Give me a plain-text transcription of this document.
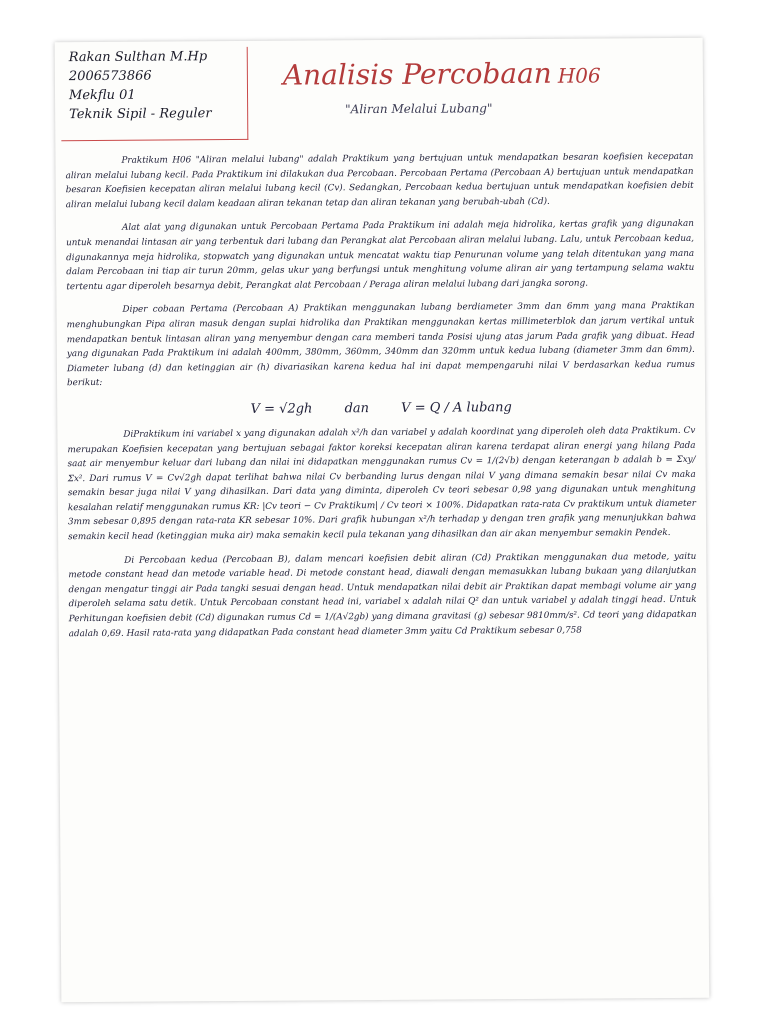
Rakan Sulthan M.Hp
2006573866
Mekflu 01
Teknik Sipil - Reguler
Analisis Percobaan H06
"Aliran Melalui Lubang"

Praktikum H06 "Aliran melalui lubang" adalah Praktikum yang bertujuan untuk mendapatkan besaran koefisien kecepatan aliran melalui lubang kecil. Pada Praktikum ini dilakukan dua Percobaan. Percobaan Pertama (Percobaan A) bertujuan untuk mendapatkan besaran Koefisien kecepatan aliran melalui lubang kecil (Cv). Sedangkan, Percobaan kedua bertujuan untuk mendapatkan koefisien debit aliran melalui lubang kecil dalam keadaan aliran tekanan tetap dan aliran tekanan yang berubah-ubah (Cd).

Alat alat yang digunakan untuk Percobaan Pertama Pada Praktikum ini adalah meja hidrolika, kertas grafik yang digunakan untuk menandai lintasan air yang terbentuk dari lubang dan Perangkat alat Percobaan aliran melalui lubang. Lalu, untuk Percobaan kedua, digunakannya meja hidrolika, stopwatch yang digunakan untuk mencatat waktu tiap Penurunan volume yang telah ditentukan yang mana dalam Percobaan ini tiap air turun 20mm, gelas ukur yang berfungsi untuk menghitung volume aliran air yang tertampung selama waktu tertentu agar diperoleh besarnya debit, Perangkat alat Percobaan / Peraga aliran melalui lubang dari jangka sorong.

Diper cobaan Pertama (Percobaan A) Praktikan menggunakan lubang berdiameter 3mm dan 6mm yang mana Praktikan menghubungkan Pipa aliran masuk dengan suplai hidrolika dan Praktikan menggunakan kertas millimeterblok dan jarum vertikal untuk mendapatkan bentuk lintasan aliran yang menyembur dengan cara memberi tanda Posisi ujung atas jarum Pada grafik yang dibuat. Head yang digunakan Pada Praktikum ini adalah 400mm, 380mm, 360mm, 340mm dan 320mm untuk kedua lubang (diameter 3mm dan 6mm). Diameter lubang (d) dan ketinggian air (h) divariasikan karena kedua hal ini dapat mempengaruhi nilai V berdasarkan kedua rumus berikut:

V = √2gh dan V = Q / A lubang

DiPraktikum ini variabel x yang digunakan adalah x²/h dan variabel y adalah koordinat yang diperoleh oleh data Praktikum. Cv merupakan Koefisien kecepatan yang bertujuan sebagai faktor koreksi kecepatan aliran karena terdapat aliran energi yang hilang Pada saat air menyembur keluar dari lubang dan nilai ini didapatkan menggunakan rumus Cv = 1/(2√b) dengan keterangan b adalah b = Σxy/Σx². Dari rumus V = Cv√2gh dapat terlihat bahwa nilai Cv berbanding lurus dengan nilai V yang dimana semakin besar nilai Cv maka semakin besar juga nilai V yang dihasilkan. Dari data yang diminta, diperoleh Cv teori sebesar 0,98 yang digunakan untuk menghitung kesalahan relatif menggunakan rumus KR: |Cv teori − Cv Praktikum| / Cv teori × 100%. Didapatkan rata-rata Cv praktikum untuk diameter 3mm sebesar 0,895 dengan rata-rata KR sebesar 10%. Dari grafik hubungan x²/h terhadap y dengan tren grafik yang menunjukkan bahwa semakin kecil head (ketinggian muka air) maka semakin kecil pula tekanan yang dihasilkan dan air akan menyembur semakin Pendek.

Di Percobaan kedua (Percobaan B), dalam mencari koefisien debit aliran (Cd) Praktikan menggunakan dua metode, yaitu metode constant head dan metode variable head. Di metode constant head, diawali dengan memasukkan lubang bukaan yang dilanjutkan dengan mengatur tinggi air Pada tangki sesuai dengan head. Untuk mendapatkan nilai debit air Praktikan dapat membagi volume air yang diperoleh selama satu detik. Untuk Percobaan constant head ini, variabel x adalah nilai Q² dan untuk variabel y adalah tinggi head. Untuk Perhitungan koefisien debit (Cd) digunakan rumus Cd = 1/(A√2gb) yang dimana gravitasi (g) sebesar 9810mm/s². Cd teori yang didapatkan adalah 0,69. Hasil rata-rata yang didapatkan Pada constant head diameter 3mm yaitu Cd Praktikum sebesar 0,758
